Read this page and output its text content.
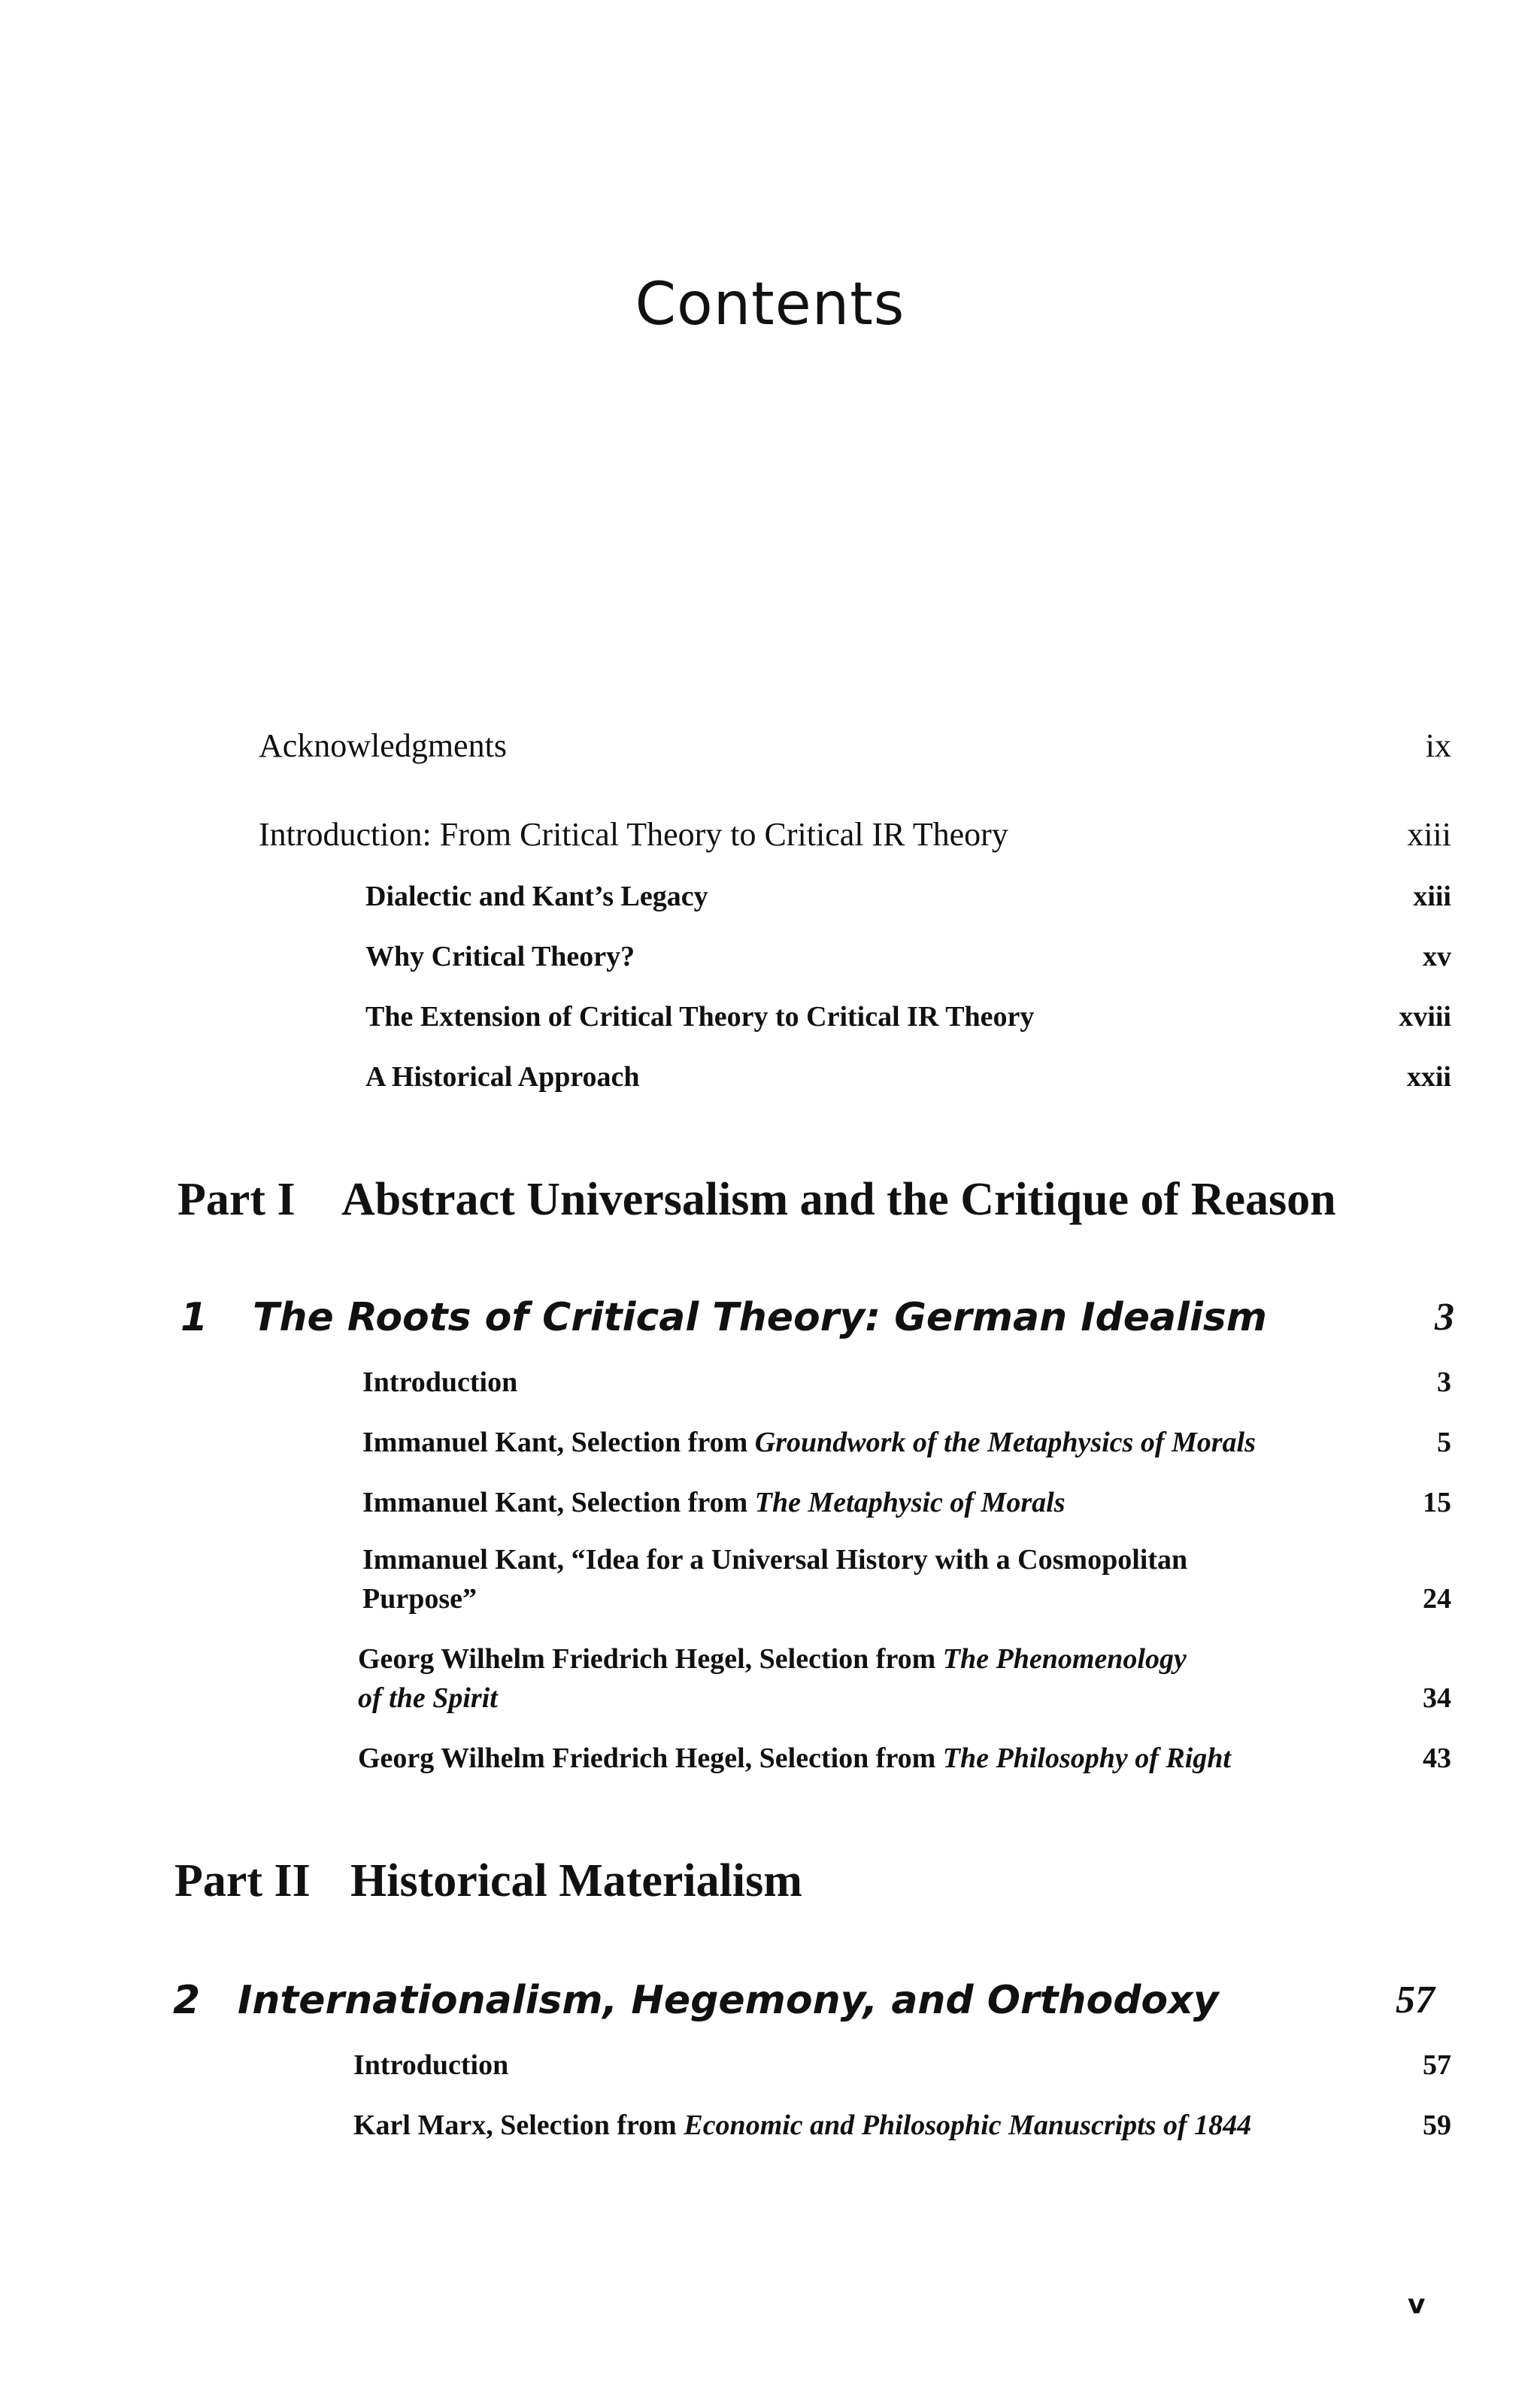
Contents
Acknowledgments	ix
Introduction: From Critical Theory to Critical IR Theory	xiii
Dialectic and Kant’s Legacy	xiii
Why Critical Theory?	xv
The Extension of Critical Theory to Critical IR Theory	xviii
A Historical Approach	xxii
Part I Abstract Universalism and the Critique of Reason
1 The Roots of Critical Theory: German Idealism	3
Introduction	3
Immanuel Kant, Selection from Groundwork of the Metaphysics of Morals	5
Immanuel Kant, Selection from The Metaphysic of Morals	15
Immanuel Kant, “Idea for a Universal History with a Cosmopolitan
Purpose”	24
Georg Wilhelm Friedrich Hegel, Selection from The Phenomenology
of the Spirit	34
Georg Wilhelm Friedrich Hegel, Selection from The Philosophy of Right	43
Part II Historical Materialism
2 Internationalism, Hegemony, and Orthodoxy	57
Introduction	57
Karl Marx, Selection from Economic and Philosophic Manuscripts of 1844	59
v
